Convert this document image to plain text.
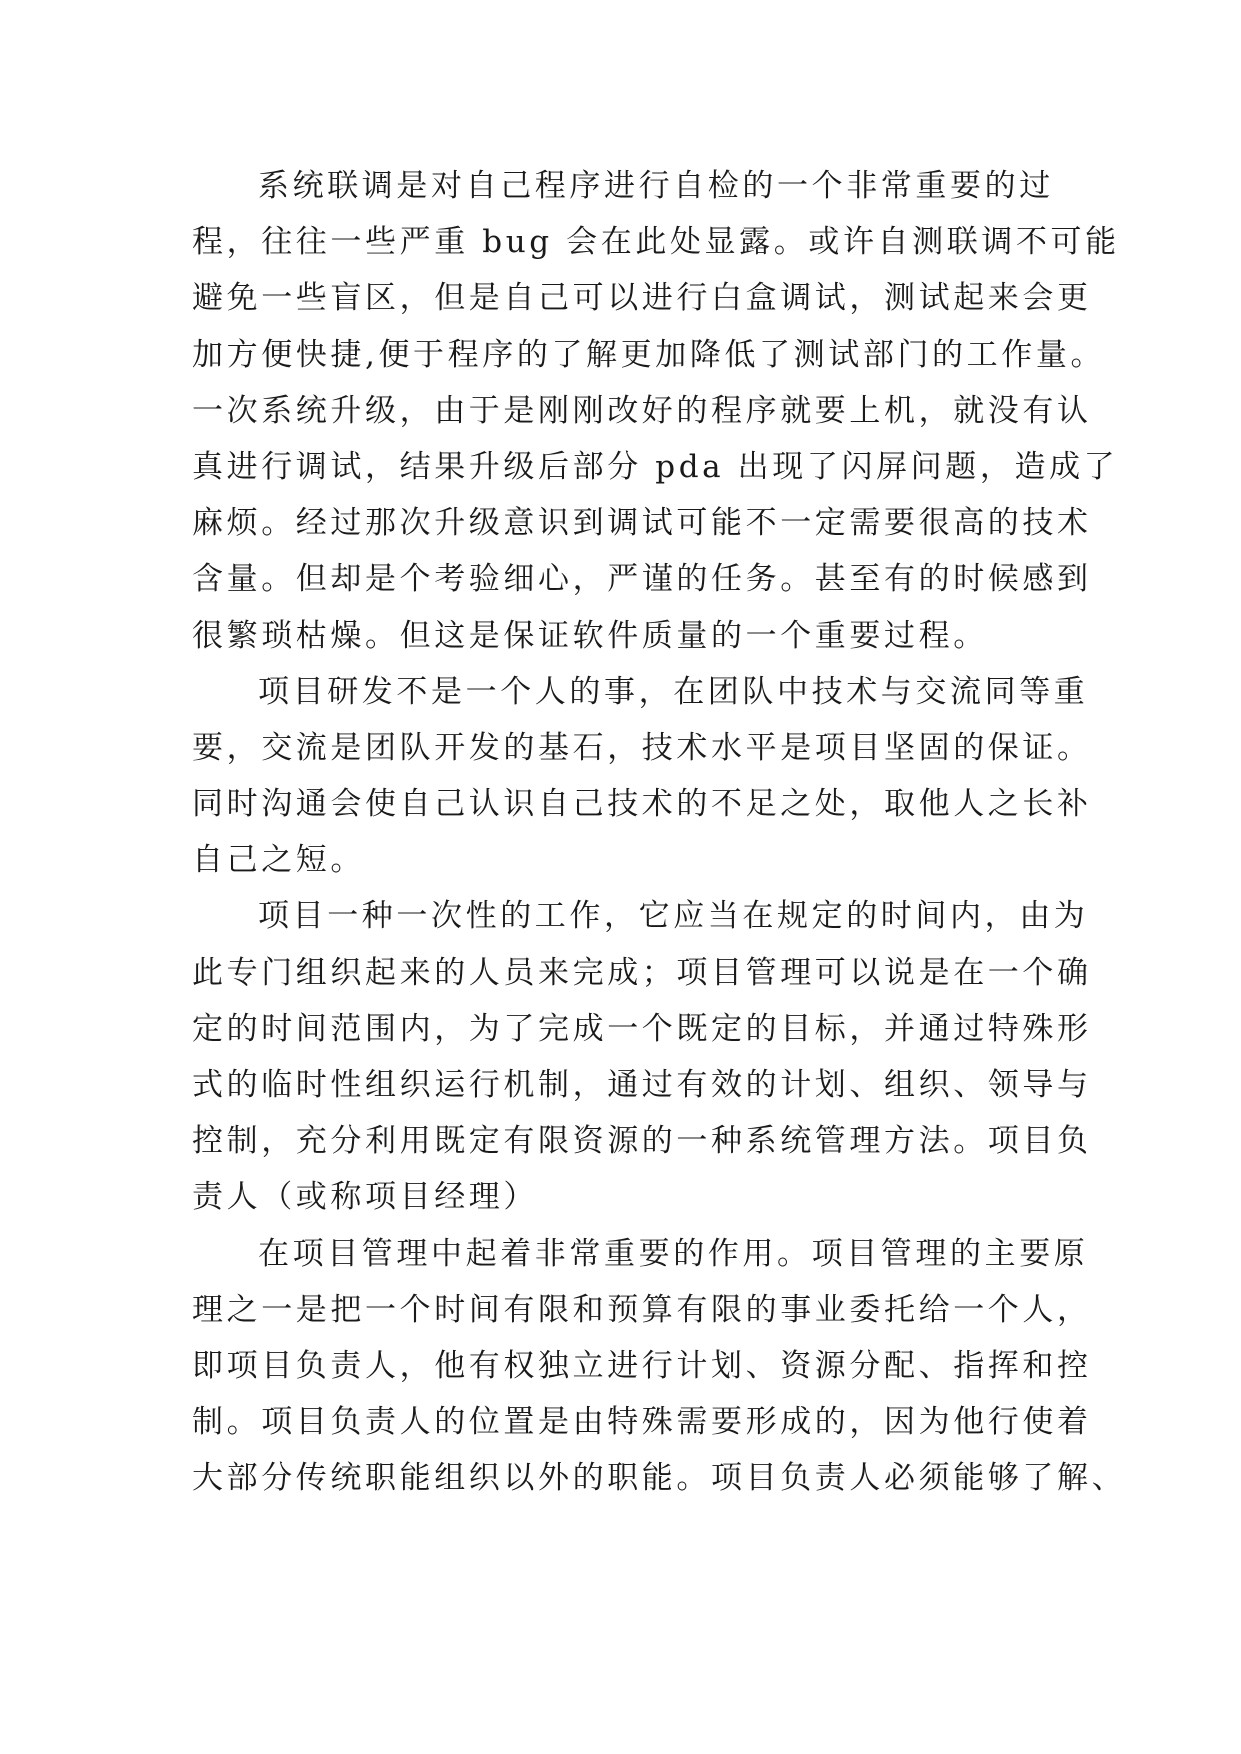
系统联调是对自己程序进行自检的一个非常重要的过
程，往往一些严重 bug 会在此处显露。或许自测联调不可能
避免一些盲区，但是自己可以进行白盒调试，测试起来会更
加方便快捷,便于程序的了解更加降低了测试部门的工作量。
一次系统升级，由于是刚刚改好的程序就要上机，就没有认
真进行调试，结果升级后部分 pda 出现了闪屏问题，造成了
麻烦。经过那次升级意识到调试可能不一定需要很高的技术
含量。但却是个考验细心，严谨的任务。甚至有的时候感到
很繁琐枯燥。但这是保证软件质量的一个重要过程。
项目研发不是一个人的事，在团队中技术与交流同等重
要，交流是团队开发的基石，技术水平是项目坚固的保证。
同时沟通会使自己认识自己技术的不足之处，取他人之长补
自己之短。
项目一种一次性的工作，它应当在规定的时间内，由为
此专门组织起来的人员来完成；项目管理可以说是在一个确
定的时间范围内，为了完成一个既定的目标，并通过特殊形
式的临时性组织运行机制，通过有效的计划、组织、领导与
控制，充分利用既定有限资源的一种系统管理方法。项目负
责人（或称项目经理）
在项目管理中起着非常重要的作用。项目管理的主要原
理之一是把一个时间有限和预算有限的事业委托给一个人，
即项目负责人，他有权独立进行计划、资源分配、指挥和控
制。项目负责人的位置是由特殊需要形成的，因为他行使着
大部分传统职能组织以外的职能。项目负责人必须能够了解、
